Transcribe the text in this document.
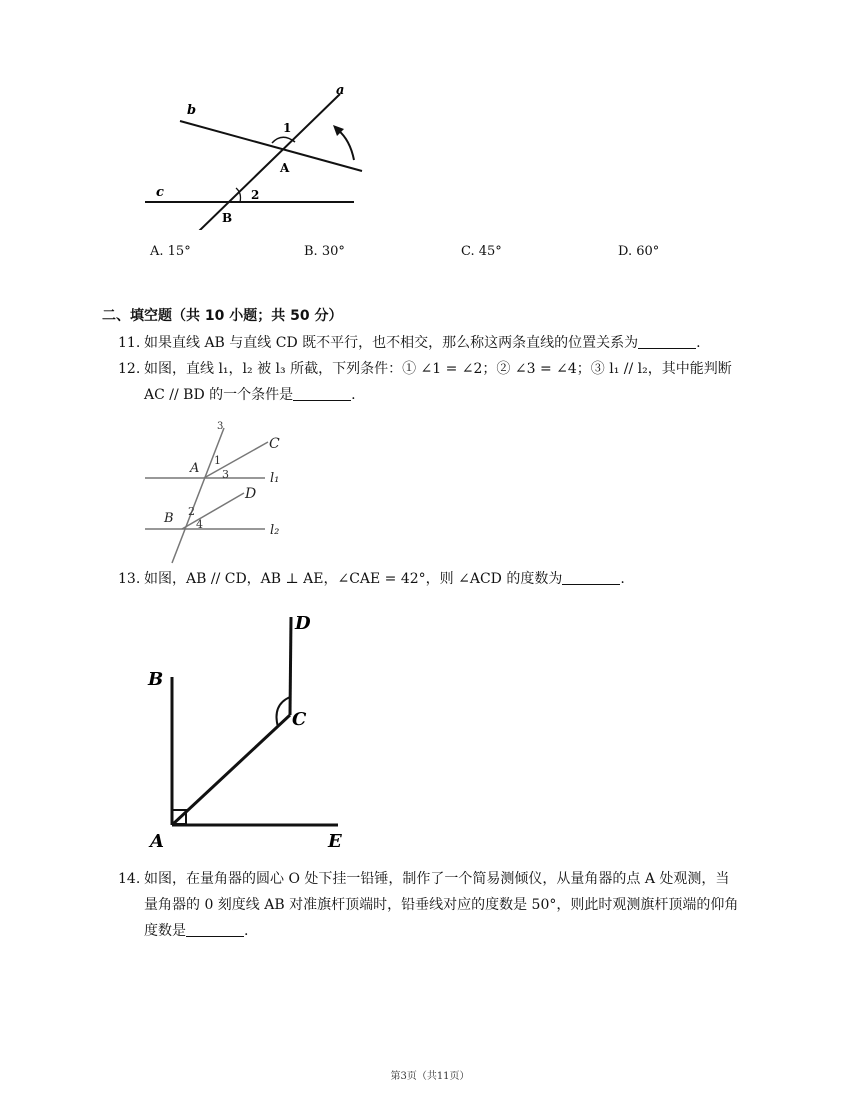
a
b
c
A
B
1
2
A. 15°	B. 30°	C. 45°	D. 60°
二、填空题（共 10 小题；共 50 分）
11. 如果直线 AB 与直线 CD 既不平行，也不相交，那么称这两条直线的位置关系为	.
12. 如图，直线 l₁，l₂ 被 l₃ 所截，下列条件：① ∠1 = ∠2；② ∠3 = ∠4；③ l₁ // l₂，其中能判断
AC // BD 的一个条件是	.
3
C
A
1
3	l₁
D
B 2
4	l₂
13. 如图，AB // CD，AB ⊥ AE，∠CAE = 42°，则 ∠ACD 的度数为	.
D
B
C
A	E
14. 如图，在量角器的圆心 O 处下挂一铅锤，制作了一个简易测倾仪，从量角器的点 A 处观测，当
量角器的 0 刻度线 AB 对准旗杆顶端时，铅垂线对应的度数是 50°，则此时观测旗杆顶端的仰角
度数是	.
第3页（共11页）
